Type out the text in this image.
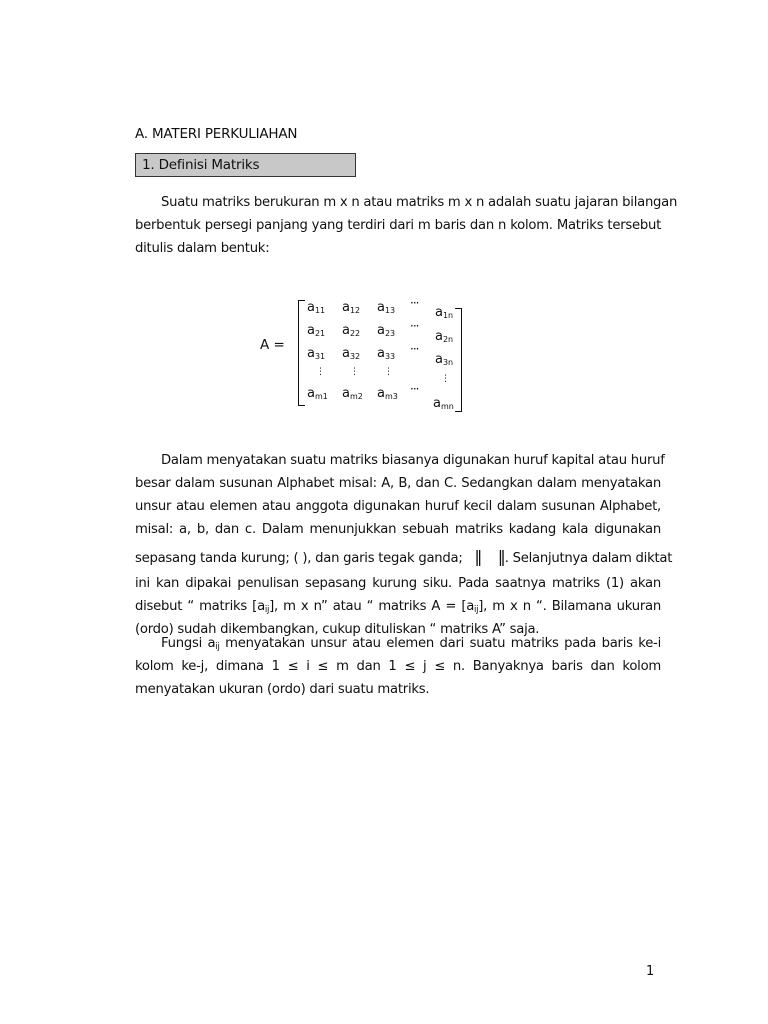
A. MATERI PERKULIAHAN
1. Definisi Matriks
Suatu matriks berukuran m x n atau matriks m x n adalah suatu jajaran bilangan
berbentuk persegi panjang yang terdiri dari m baris dan n kolom. Matriks tersebut
ditulis dalam bentuk:
A =
$a_{11}$ $a_{12}$ $a_{13}$
···
$a_{1n}$
$a_{21}$ $a_{22}$ $a_{23}$
···
$a_{2n}$
$a_{31}$ $a_{32}$ $a_{33}$
···
$a_{3n}$
⋮	⋮	⋮
⋮
$a_{m1}$ $a_{m2}$ $a_{m3}$
···
$a_{mn}$
Dalam menyatakan suatu matriks biasanya digunakan huruf kapital atau huruf
besar dalam susunan Alphabet misal: A, B, dan C. Sedangkan dalam menyatakan
unsur atau elemen atau anggota digunakan huruf kecil dalam susunan Alphabet,
misal: a, b, dan c. Dalam menunjukkan sebuah matriks kadang kala digunakan
sepasang tanda kurung; ( ), dan garis tegak ganda; ‖    ‖. Selanjutnya dalam diktat
ini kan dipakai penulisan sepasang kurung siku. Pada saatnya matriks (1) akan
disebut “ matriks $[a_{ij}]$, m x n” atau “ matriks $A = [a_{ij}]$, m x n “. Bilamana ukuran
(ordo) sudah dikembangkan, cukup dituliskan “ matriks A” saja.
Fungsi $a_{ij}$ menyatakan unsur atau elemen dari suatu matriks pada baris ke-i
kolom ke-j, dimana 1 ≤ i ≤ m dan 1 ≤ j ≤ n. Banyaknya baris dan kolom
menyatakan ukuran (ordo) dari suatu matriks.
1
